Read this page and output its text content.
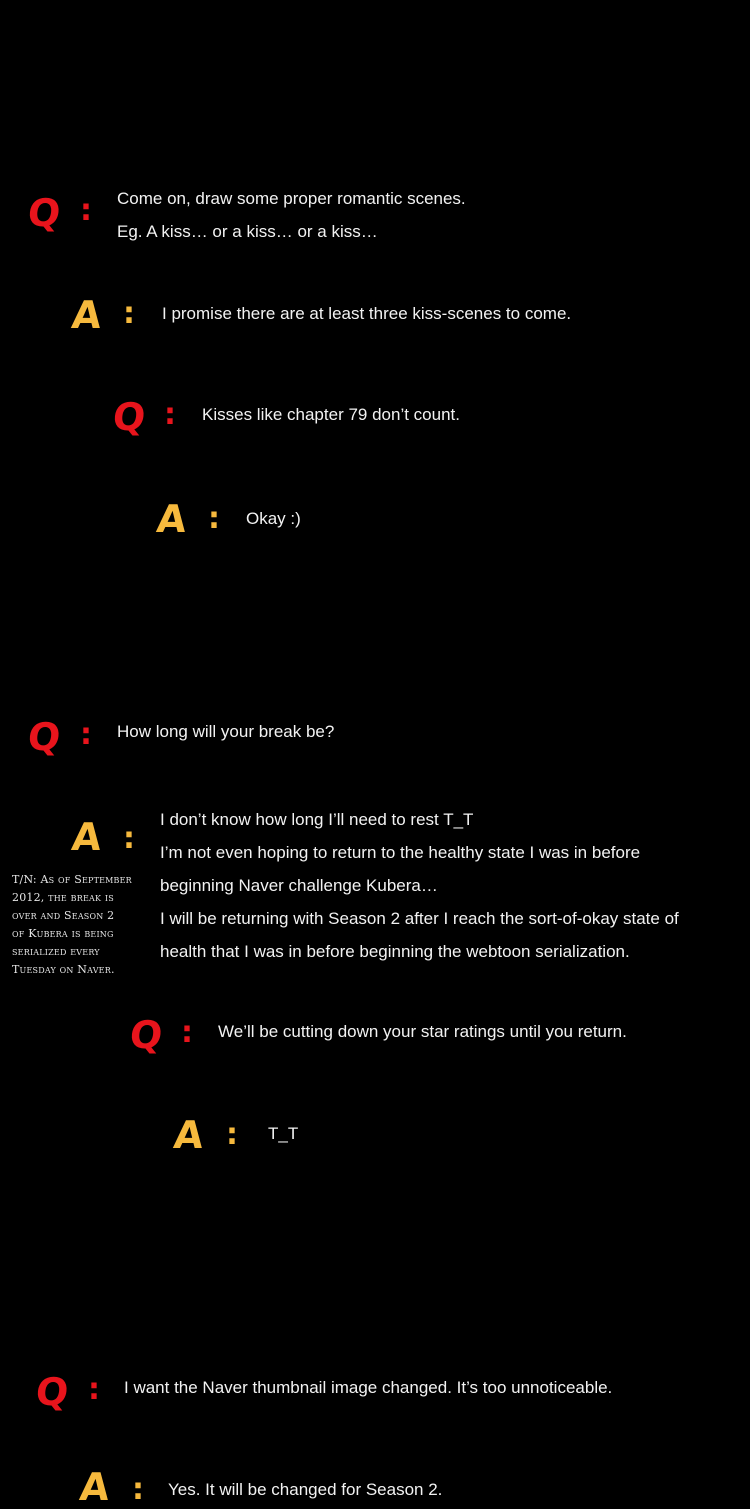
Q : Come on, draw some proper romantic scenes.
Eg. A kiss… or a kiss… or a kiss…
A : I promise there are at least three kiss-scenes to come.
Q : Kisses like chapter 79 don’t count.
A : Okay :)
Q : How long will your break be?
A :
I don’t know how long I’ll need to rest T_T
I’m not even hoping to return to the healthy state I was in before
beginning Naver challenge Kubera…
I will be returning with Season 2 after I reach the sort-of-okay state of
health that I was in before beginning the webtoon serialization.
T/N: As of September
2012, the break is
over and Season 2
of Kubera is being
serialized every
Tuesday on Naver.
Q : We’ll be cutting down your star ratings until you return.
A : T_T
Q : I want the Naver thumbnail image changed. It’s too unnoticeable.
A : Yes. It will be changed for Season 2.
